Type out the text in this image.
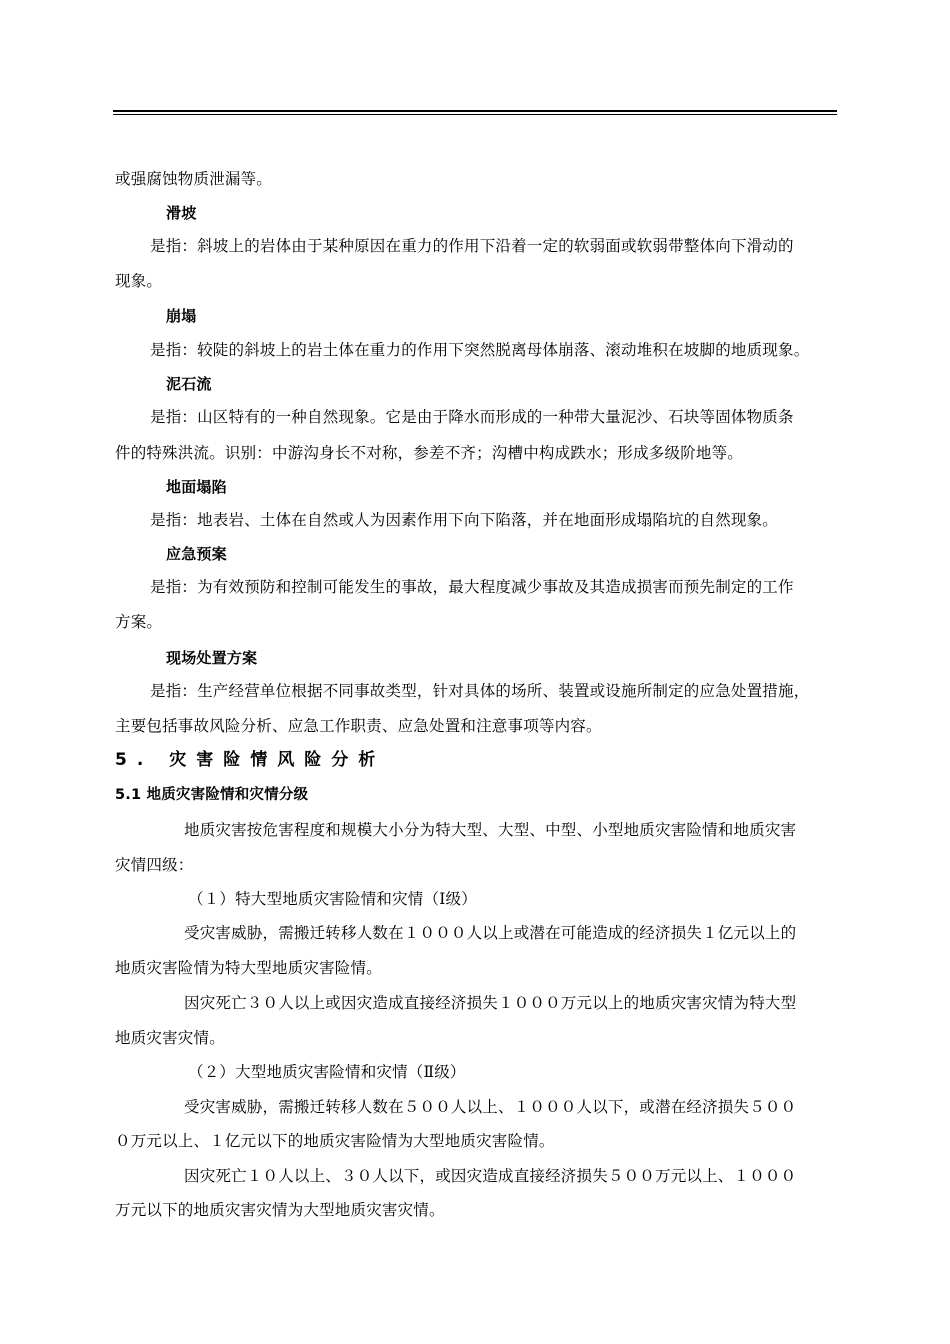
或强腐蚀物质泄漏等。
滑坡
是指：斜坡上的岩体由于某种原因在重力的作用下沿着一定的软弱面或软弱带整体向下滑动的
现象。
崩塌
是指：较陡的斜坡上的岩土体在重力的作用下突然脱离母体崩落、滚动堆积在坡脚的地质现象。
泥石流
是指：山区特有的一种自然现象。它是由于降水而形成的一种带大量泥沙、石块等固体物质条
件的特殊洪流。识别：中游沟身长不对称，参差不齐；沟槽中构成跌水；形成多级阶地等。
地面塌陷
是指：地表岩、土体在自然或人为因素作用下向下陷落，并在地面形成塌陷坑的自然现象。
应急预案
是指：为有效预防和控制可能发生的事故，最大程度减少事故及其造成损害而预先制定的工作
方案。
现场处置方案
是指：生产经营单位根据不同事故类型，针对具体的场所、装置或设施所制定的应急处置措施，
主要包括事故风险分析、应急工作职责、应急处置和注意事项等内容。
5. 灾害险情风险分析
5.1 地质灾害险情和灾情分级
地质灾害按危害程度和规模大小分为特大型、大型、中型、小型地质灾害险情和地质灾害
灾情四级：
（１）特大型地质灾害险情和灾情（Ⅰ级）
受灾害威胁，需搬迁转移人数在１０００人以上或潜在可能造成的经济损失１亿元以上的
地质灾害险情为特大型地质灾害险情。
因灾死亡３０人以上或因灾造成直接经济损失１０００万元以上的地质灾害灾情为特大型
地质灾害灾情。
（２）大型地质灾害险情和灾情（Ⅱ级）
受灾害威胁，需搬迁转移人数在５００人以上、１０００人以下，或潜在经济损失５００
０万元以上、１亿元以下的地质灾害险情为大型地质灾害险情。
因灾死亡１０人以上、３０人以下，或因灾造成直接经济损失５００万元以上、１０００
万元以下的地质灾害灾情为大型地质灾害灾情。
